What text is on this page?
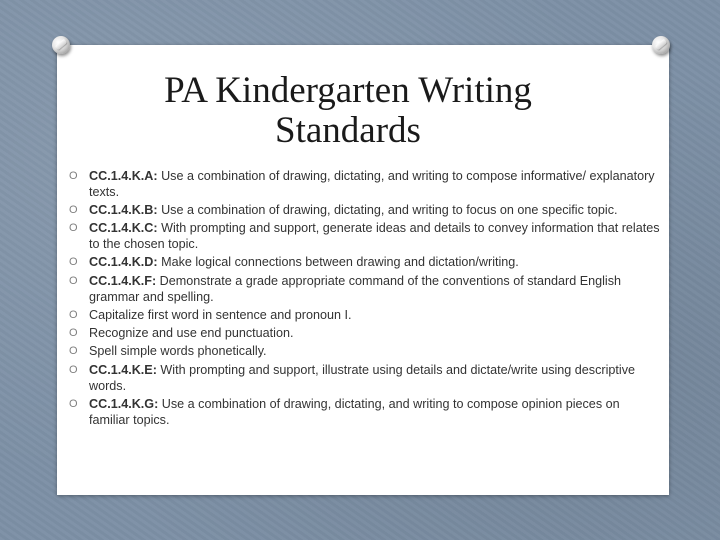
PA Kindergarten Writing
Standards
O CC.1.4.K.A: Use a combination of drawing, dictating, and writing to compose informative/ explanatory texts.
O CC.1.4.K.B: Use a combination of drawing, dictating, and writing to focus on one specific topic.
O CC.1.4.K.C: With prompting and support, generate ideas and details to convey information that relates to the chosen topic.
O CC.1.4.K.D: Make logical connections between drawing and dictation/writing.
O CC.1.4.K.F: Demonstrate a grade appropriate command of the conventions of standard English grammar and spelling.
O Capitalize first word in sentence and pronoun I.
O Recognize and use end punctuation.
O Spell simple words phonetically.
O CC.1.4.K.E: With prompting and support, illustrate using details and dictate/write using descriptive words.
O CC.1.4.K.G: Use a combination of drawing, dictating, and writing to compose opinion pieces on familiar topics.
